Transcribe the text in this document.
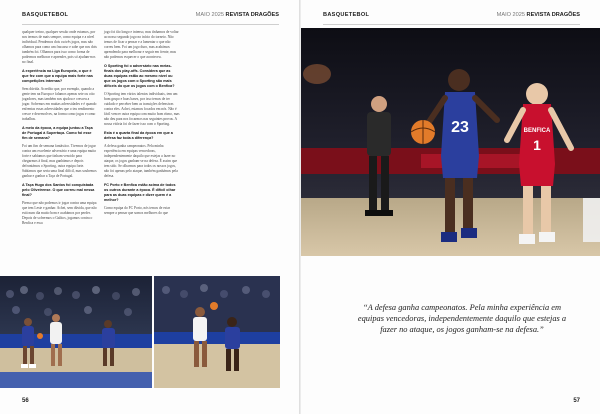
BASQUETEBOL	MAIO 2025 REVISTA DRAGÕES

qualquer treino, qualquer sessão onde estamos, por nos termos de mais sempre, como equipa e a nível individual. Pendemos dois ou três jogos, mas não olhamos para como um fracasso e sabe que nos dois também foi. Olhamos para isso como forma de podermos melhorar e aprender, pois só ajudam-nos no final.

A experiência na Liga Europeia, o que é que fez com que a equipa mais forte nas competições internas?

Sem dúvida. Acredito que, por exemplo, quando a gente tem na Europa e falamos apenas sete ou oito jogadores, mas também nos ajudou e cresceu a jogar. Sofremos em muitas adversidades e é quando enfrentas essas adversidades que o teu rendimento cresce e desenvolves, na forma como jogas e como trabalhas.

A meio da época, a equipa juntou a Taça de Portugal à Supertaça. Como foi esse fim de semana?

Foi um fim de semana fantástico. Tivemos de jogar contra um excelente adversário e uma equipa muito forte e sabíamos que tinham vencido para chegarmos à final, mas ganhámos e depois defrontámos o Sporting, outra equipa forte. Sabíamos que seria uma final difícil, mas soubemos ganhar e ganhar a Taça de Portugal.

A Taça Hugo dos Santos foi conquistada pelo Oliveirense. O que correu mal nessa final?

Pienso que não podemos ir jogar contra uma equipa que tem Leste e ganhar. Achei, sem dúvida, que não está num dia muito bom e acabámos por perder. Depois de sofrermos o Galitos, jogamos contra o Benfica e essa

jogo foi tão longo e intenso, mas tínhamos de voltar ao nosso segundo jogo no início do torneio. Não temos de ficar a pensar e a lamentar o que não correu bem. Foi um jogo duro, mas acabámos aprendendo para melhorar e seguir em frente, mas não podemos esquecer o que aconteceu.

O Sporting foi o adversário nas meias-finais dos play-offs. Considera que as duas equipas estão ao mesmo nível ou que os jogos com o Sporting são mais difíceis do que os jogos com o Benfica?

O Sporting tem vários talentos individuais, tem um bom grupo e boas bases, por isso temos de ter cuidado e perceber bem as transições defensivas contra eles. Achei, estamos focados em nós. Não é fácil vencer outra equipa com muito bom ritmo, mas não deu para nos focarmos nas seguintes provas. A nossa vitória foi de fazer isso com o Sporting.

Esta é a quarta final da época em que a defesa faz toda a diferença?

A defesa ganha campeonatos. Pela minha experiência em equipas vencedoras, independentemente daquilo que estejas a fazer no ataque, os jogos ganham-se na defesa. É assim que tem sido. Se olharmos para todos os nossos jogos, não foi apenas pelo ataque, também ganhámos pela defesa.

FC Porto e Benfica estão acima de todos os outros durante a época. É difícil olhar para as duas equipas e dizer quem é a melhor?

Como equipa do FC Porto, nós temos de estar sempre a pensar que somos melhores do que

56
BASQUETEBOL	MAIO 2025 REVISTA DRAGÕES
23	BENFICA
1
“A defesa ganha campeonatos. Pela minha experiência em equipas vencedoras, independentemente daquilo que estejas a fazer no ataque, os jogos ganham-se na defesa.”
57
